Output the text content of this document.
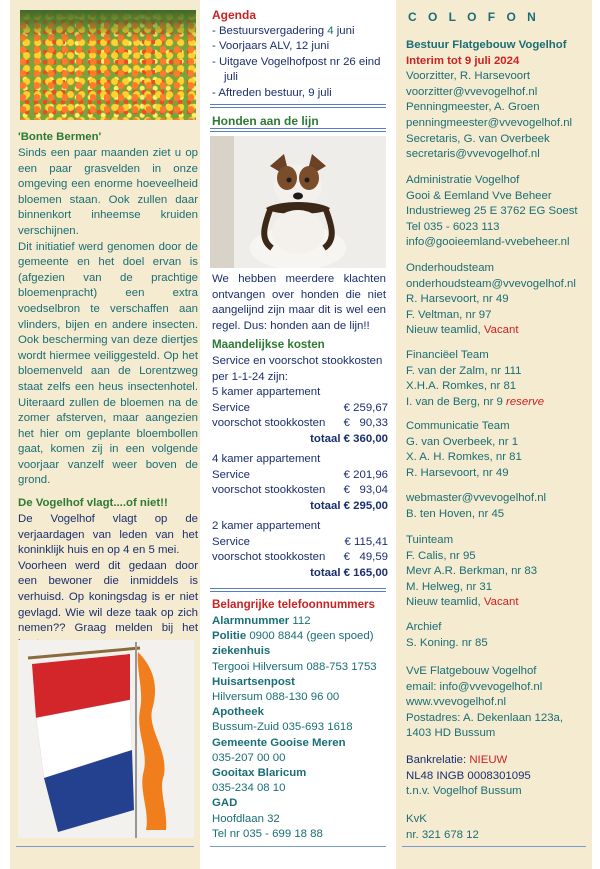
'Bonte Bermen'

Sinds een paar maanden ziet u op een paar grasvelden in onze omgeving een enorme hoeveelheid bloemen staan. Ook zullen daar binnenkort inheemse kruiden verschijnen.

Dit initiatief werd genomen door de gemeente en het doel ervan is (afgezien van de prachtige bloemenpracht) een extra voedselbron te verschaffen aan vlinders, bijen en andere insecten. Ook bescherming van deze diertjes wordt hiermee veiliggesteld. Op het bloemenveld aan de Lorentzweg staat zelfs een heus insectenhotel. Uiteraard zullen de bloemen na de zomer afsterven, maar aangezien het hier om geplante bloembollen gaat, komen zij in een volgende voorjaar vanzelf weer boven de grond.

De Vogelhof vlagt....of niet!!

De Vogelhof vlagt op de verjaardagen van leden van het koninklijk huis en op 4 en 5 mei.

Voorheen werd dit gedaan door een bewoner die inmiddels is verhuisd. Op koningsdag is er niet gevlagd. Wie wil deze taak op zich nemen?? Graag melden bij het

Agenda
- Bestuursvergadering 4 juni
- Voorjaars ALV, 12 juni
- Uitgave Vogelhofpost nr 26 eind juli
- Aftreden bestuur, 9 juli
Honden aan de lijn
We hebben meerdere klachten ontvangen over honden die niet aangelijnd zijn maar dit is wel een regel. Dus: honden aan de lijn!!
Maandelijkse kosten
Service en voorschot stookkosten per 1-1-24 zijn:
5 kamer appartement
Service	€ 259,67
voorschot stookkosten €   90,33
totaal € 360,00
4 kamer appartement
Service	€ 201,96
voorschot stookkosten €   93,04
totaal € 295,00
2 kamer appartement
Service	€ 115,41
voorschot stookkosten €   49,59
totaal € 165,00
Belangrijke telefoonnummers
Alarmnummer 112
Politie 0900 8844 (geen spoed)
ziekenhuis
Tergooi Hilversum 088-753 1753
Huisartsenpost
Hilversum 088-130 96 00
Apotheek
Bussum-Zuid 035-693 1618
Gemeente Gooise Meren
035-207 00 00
Gooitax Blaricum
035-234 08 10
GAD
Hoofdlaan 32
Tel nr 035 - 699 18 88
C O L O F O N
Bestuur Flatgebouw Vogelhof
Interim tot 9 juli 2024
Voorzitter, R. Harsevoort
voorzitter@vvevogelhof.nl
Penningmeester, A. Groen
penningmeester@vvevogelhof.nl
Secretaris, G. van Overbeek
secretaris@vvevogelhof.nl
Administratie Vogelhof
Gooi & Eemland Vve Beheer
Industrieweg 25 E 3762 EG Soest
Tel 035 - 6023 113
info@gooieemland-vvebeheer.nl
Onderhoudsteam
onderhoudsteam@vvevogelhof.nl
R. Harsevoort, nr 49
F. Veltman, nr 97
Nieuw teamlid, Vacant
Financiëel Team
F. van der Zalm, nr 111
X.H.A. Romkes, nr 81
I. van de Berg, nr 9 reserve
Communicatie Team
G. van Overbeek, nr 1
X. A. H. Romkes, nr 81
R. Harsevoort, nr 49
webmaster@vvevogelhof.nl
B. ten Hoven, nr 45
Tuinteam
F. Calis, nr 95
Mevr A.R. Berkman, nr 83
M. Helweg, nr 31
Nieuw teamlid, Vacant
Archief
S. Koning. nr 85
VvE Flatgebouw Vogelhof
email: info@vvevogelhof.nl
www.vvevogelhof.nl
Postadres: A. Dekenlaan 123a,
1403 HD Bussum
Bankrelatie: NIEUW
NL48 INGB 0008301095
t.n.v. Vogelhof Bussum
KvK
nr. 321 678 12
